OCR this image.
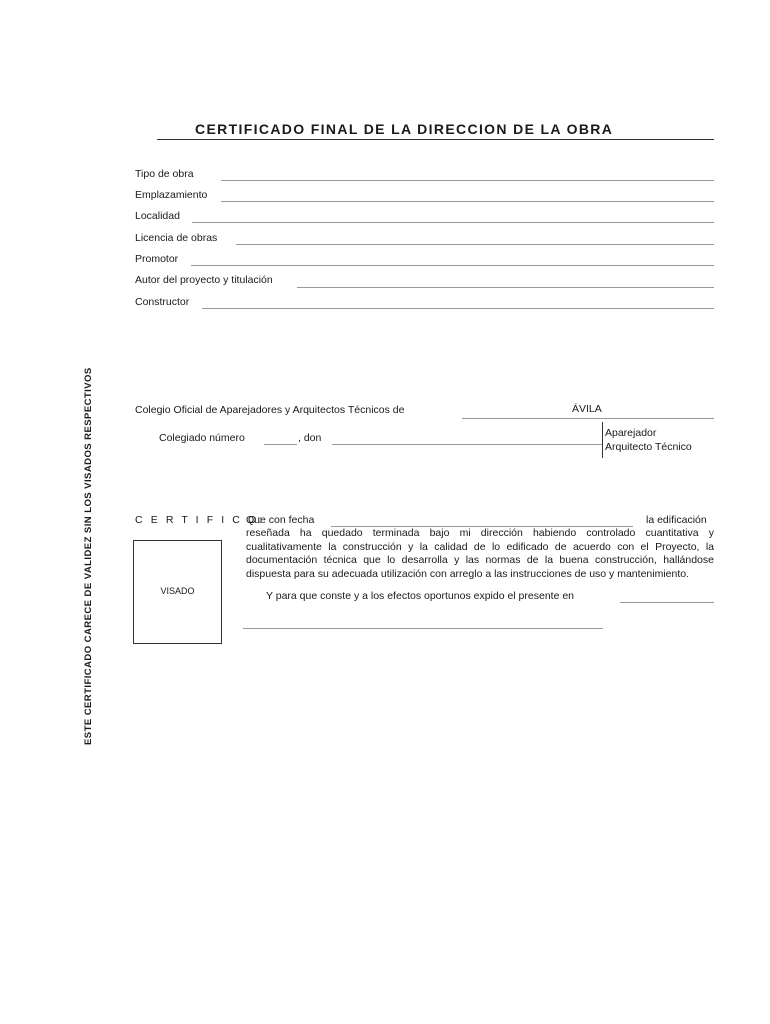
ESTE CERTIFICADO CARECE DE VALIDEZ SIN LOS VISADOS RESPECTIVOS
CERTIFICADO FINAL DE LA DIRECCION DE LA OBRA
Tipo de obra
Emplazamiento
Localidad
Licencia de obras
Promotor
Autor del proyecto y titulación
Constructor
Colegio Oficial de Aparejadores y Arquitectos Técnicos de	ÁVILA
Colegiado número	, don	Aparejador
Arquitecto Técnico
C E R T I F I C O:
Que con fecha	la edificación
reseñada ha quedado terminada bajo mi dirección habiendo controlado cuantitativa y cualitativamente la construcción y la calidad de lo edificado de acuerdo con el Proyecto, la documentación técnica que lo desarrolla y las normas de la buena construcción, hallándose dispuesta para su adecuada utilización con arreglo a las instrucciones de uso y mantenimiento.
VISADO	Y para que conste y a los efectos oportunos expido el presente en
